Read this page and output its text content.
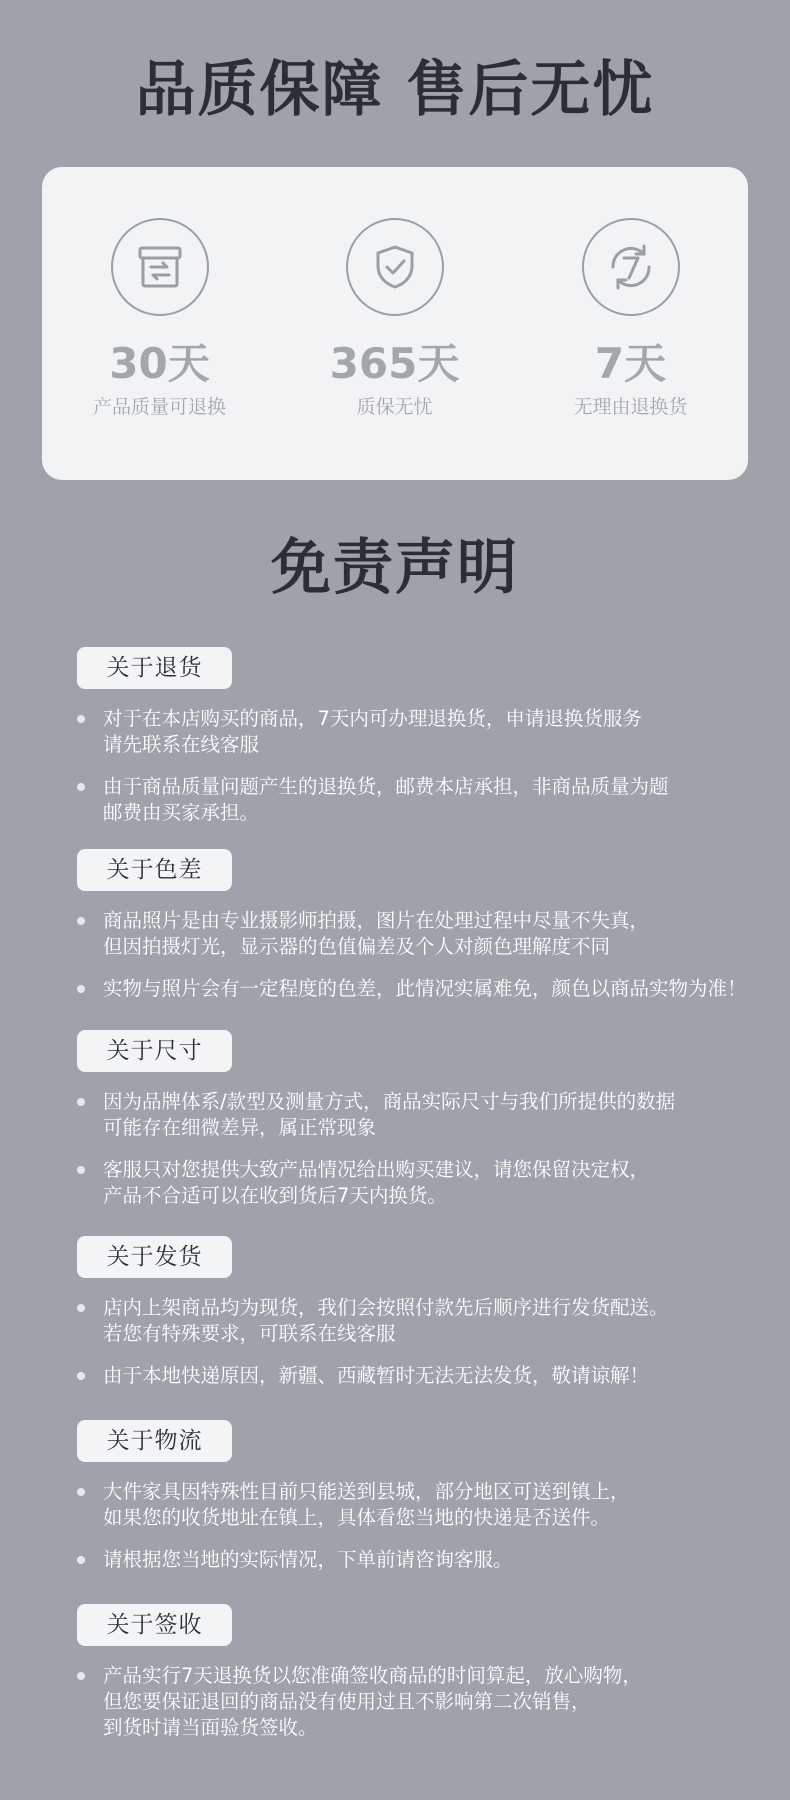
品质保障 售后无忧
30天
产品质量可退换
365天
质保无忧
7天
无理由退换货
免责声明
关于退货
对于在本店购买的商品，7天内可办理退换货，申请退换货服务
请先联系在线客服
由于商品质量问题产生的退换货，邮费本店承担，非商品质量为题
邮费由买家承担。
关于色差
商品照片是由专业摄影师拍摄，图片在处理过程中尽量不失真，
但因拍摄灯光，显示器的色值偏差及个人对颜色理解度不同
实物与照片会有一定程度的色差，此情况实属难免，颜色以商品实物为准！
关于尺寸
因为品牌体系/款型及测量方式，商品实际尺寸与我们所提供的数据
可能存在细微差异，属正常现象
客服只对您提供大致产品情况给出购买建议，请您保留决定权，
产品不合适可以在收到货后7天内换货。
关于发货
店内上架商品均为现货，我们会按照付款先后顺序进行发货配送。
若您有特殊要求，可联系在线客服
由于本地快递原因，新疆、西藏暂时无法无法发货，敬请谅解！
关于物流
大件家具因特殊性目前只能送到县城，部分地区可送到镇上，
如果您的收货地址在镇上，具体看您当地的快递是否送件。
请根据您当地的实际情况，下单前请咨询客服。
关于签收
产品实行7天退换货以您准确签收商品的时间算起，放心购物，
但您要保证退回的商品没有使用过且不影响第二次销售，
到货时请当面验货签收。
